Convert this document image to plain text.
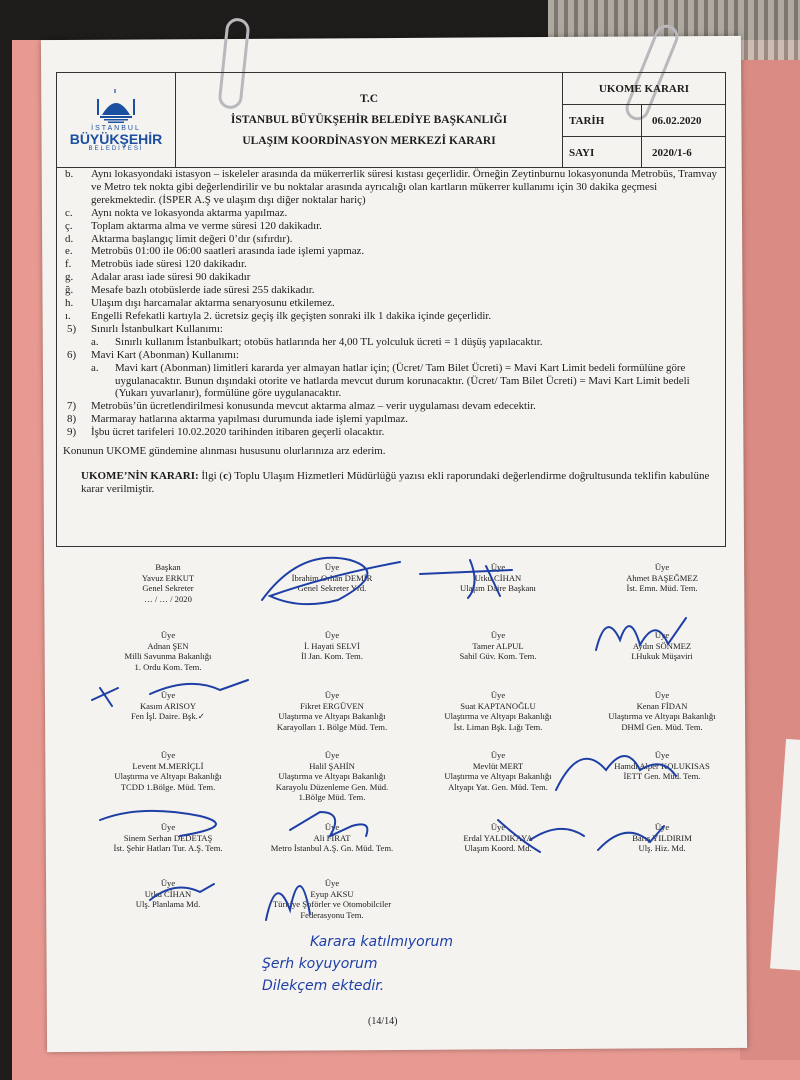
İSTANBUL
BÜYÜKŞEHİR
BELEDİYESİ
T.C
İSTANBUL BÜYÜKŞEHİR BELEDİYE BAŞKANLIĞI
ULAŞIM KOORDİNASYON MERKEZİ KARARI
UKOME KARARI
TARİH	06.02.2020
SAYI	2020/1-6
b. Aynı lokasyondaki istasyon – iskeleler arasında da mükerrerlik süresi kıstası geçerlidir. Örneğin Zeytinburnu lokasyonunda Metrobüs, Tramvay ve Metro tek nokta gibi değerlendirilir ve bu noktalar arasında ayrıcalığı olan kartların mükerrer kullanımı için 30 dakika geçmesi gerekmektedir. (İSPER A.Ş ve ulaşım dışı diğer noktalar hariç)
c. Aynı nokta ve lokasyonda aktarma yapılmaz.
ç. Toplam aktarma alma ve verme süresi 120 dakikadır.
d. Aktarma başlangıç limit değeri 0’dır (sıfırdır).
e. Metrobüs 01:00 ile 06:00 saatleri arasında iade işlemi yapmaz.
f. Metrobüs iade süresi 120 dakikadır.
g. Adalar arası iade süresi 90 dakikadır
ğ. Mesafe bazlı otobüslerde iade süresi 255 dakikadır.
h. Ulaşım dışı harcamalar aktarma senaryosunu etkilemez.
ı. Engelli Refekatli kartıyla 2. ücretsiz geçiş ilk geçişten sonraki ilk 1 dakika içinde geçerlidir.
5) Sınırlı İstanbulkart Kullanımı:
a. Sınırlı kullanım İstanbulkart; otobüs hatlarında her 4,00 TL yolculuk ücreti = 1 düşüş yapılacaktır.
6) Mavi Kart (Abonman) Kullanımı:
a. Mavi kart (Abonman) limitleri kararda yer almayan hatlar için; (Ücret/ Tam Bilet Ücreti) = Mavi Kart Limit bedeli formülüne göre uygulanacaktır. Bunun dışındaki otorite ve hatlarda mevcut durum korunacaktır. (Ücret/ Tam Bilet Ücreti) = Mavi Kart Limit bedeli (Yukarı yuvarlanır), formülüne göre uygulanacaktır.
7) Metrobüs’ün ücretlendirilmesi konusunda mevcut aktarma almaz – verir uygulaması devam edecektir.
8) Marmaray hatlarına aktarma yapılması durumunda iade işlemi yapılmaz.
9) İşbu ücret tarifeleri 10.02.2020 tarihinden itibaren geçerli olacaktır.
Konunun UKOME gündemine alınması hususunu olurlarınıza arz ederim.
UKOME’NİN KARARI: İlgi (c) Toplu Ulaşım Hizmetleri Müdürlüğü yazısı ekli raporundaki değerlendirme doğrultusunda teklifin kabulüne karar verilmiştir.
Başkan
Yavuz ERKUT
Genel Sekreter
… / … / 2020
Üye
İbrahim Orhan DEMİR
Genel Sekreter Yrd.
Üye
Utku CİHAN
Ulaşım Daire Başkanı
Üye
Ahmet BAŞEĞMEZ
İst. Emn. Müd. Tem.
Üye
Adnan ŞEN
Milli Savunma Bakanlığı
1. Ordu Kom. Tem.
Üye
İ. Hayati SELVİ
İl Jan. Kom. Tem.
Üye
Tamer ALPUL
Sahil Güv. Kom. Tem.
Üye
Aydın SÖNMEZ
I.Hukuk Müşaviri
Üye
Kasım ARISOY
Fen İşl. Daire. Bşk.✓
Üye
Fikret ERGÜVEN
Ulaştırma ve Altyapı Bakanlığı
Karayolları 1. Bölge Müd. Tem.
Üye
Suat KAPTANOĞLU
Ulaştırma ve Altyapı Bakanlığı
İst. Liman Bşk. Lığı Tem.
Üye
Kenan FİDAN
Ulaştırma ve Altyapı Bakanlığı
DHMİ Gen. Müd. Tem.
Üye
Levent M.MERİÇLİ
Ulaştırma ve Altyapı Bakanlığı
TCDD 1.Bölge. Müd. Tem.
Üye
Halil ŞAHİN
Ulaştırma ve Altyapı Bakanlığı
Karayolu Düzenleme Gen. Müd.
1.Bölge Müd. Tem.
Üye
Mevlüt MERT
Ulaştırma ve Altyapı Bakanlığı
Altyapı Yat. Gen. Müd. Tem.
Üye
Hamdi Alper KOLUKISAS
İETT Gen. Müd. Tem.
Üye
Sinem Serhan DEDETAŞ
İst. Şehir Hatları Tur. A.Ş. Tem.
Üye
Ali FIRAT
Metro İstanbul A.Ş. Gn. Müd. Tem.
Üye
Erdal YALDIKAYA
Ulaşım Koord. Md.
Üye
Barış YILDIRIM
Ulş. Hiz. Md.
Üye
Utku CİHAN
Ulş. Planlama Md.
Üye
Eyup AKSU
Türkiye Şoförler ve Otomobilciler
Federasyonu Tem.
Karara katılmıyorum
Şerh koyuyorum
Dilekçem ektedir.
(14/14)
